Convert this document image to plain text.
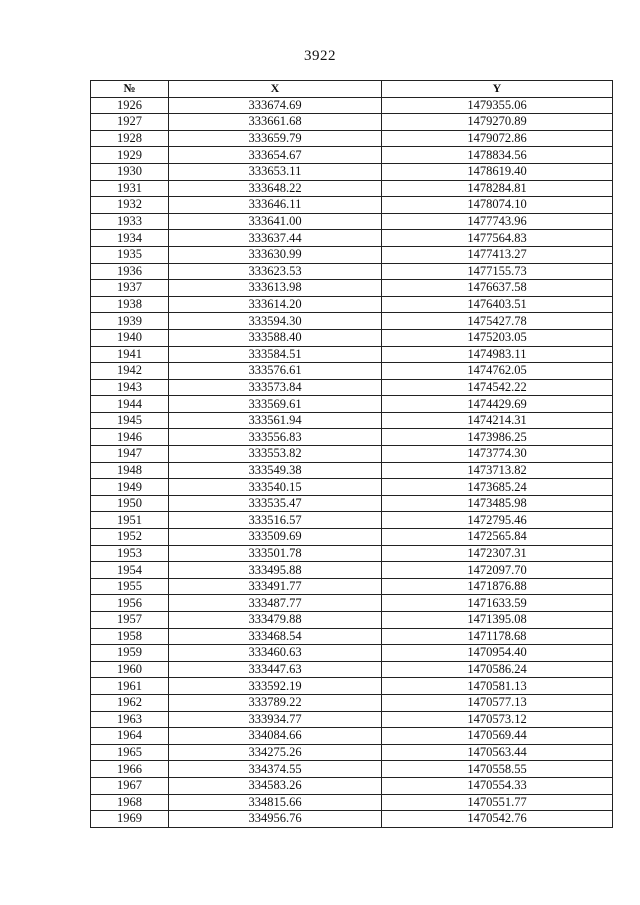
3922
№	X	Y
1926	333674.69	1479355.06
1927	333661.68	1479270.89
1928	333659.79	1479072.86
1929	333654.67	1478834.56
1930	333653.11	1478619.40
1931	333648.22	1478284.81
1932	333646.11	1478074.10
1933	333641.00	1477743.96
1934	333637.44	1477564.83
1935	333630.99	1477413.27
1936	333623.53	1477155.73
1937	333613.98	1476637.58
1938	333614.20	1476403.51
1939	333594.30	1475427.78
1940	333588.40	1475203.05
1941	333584.51	1474983.11
1942	333576.61	1474762.05
1943	333573.84	1474542.22
1944	333569.61	1474429.69
1945	333561.94	1474214.31
1946	333556.83	1473986.25
1947	333553.82	1473774.30
1948	333549.38	1473713.82
1949	333540.15	1473685.24
1950	333535.47	1473485.98
1951	333516.57	1472795.46
1952	333509.69	1472565.84
1953	333501.78	1472307.31
1954	333495.88	1472097.70
1955	333491.77	1471876.88
1956	333487.77	1471633.59
1957	333479.88	1471395.08
1958	333468.54	1471178.68
1959	333460.63	1470954.40
1960	333447.63	1470586.24
1961	333592.19	1470581.13
1962	333789.22	1470577.13
1963	333934.77	1470573.12
1964	334084.66	1470569.44
1965	334275.26	1470563.44
1966	334374.55	1470558.55
1967	334583.26	1470554.33
1968	334815.66	1470551.77
1969	334956.76	1470542.76
